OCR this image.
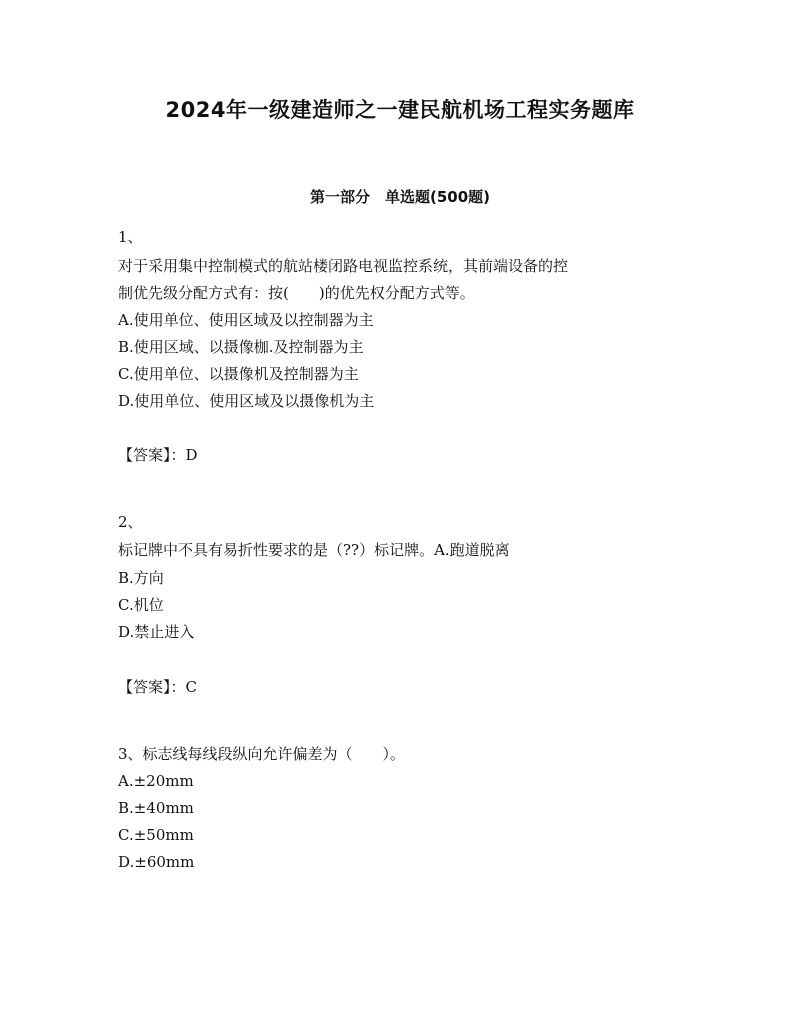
2024年一级建造师之一建民航机场工程实务题库
第一部分　单选题(500题)
1、
对于采用集中控制模式的航站楼闭路电视监控系统，其前端设备的控
制优先级分配方式有：按(　　)的优先权分配方式等。
A.使用单位、使用区域及以控制器为主
B.使用区域、以摄像枷.及控制器为主
C.使用单位、以摄像机及控制器为主
D.使用单位、使用区域及以摄像机为主
【答案】：D
2、
标记牌中不具有易折性要求的是（??）标记牌。A.跑道脱离
B.方向
C.机位
D.禁止进入
【答案】：C
3、标志线每线段纵向允许偏差为（　　）。
A.±20mm
B.±40mm
C.±50mm
D.±60mm
